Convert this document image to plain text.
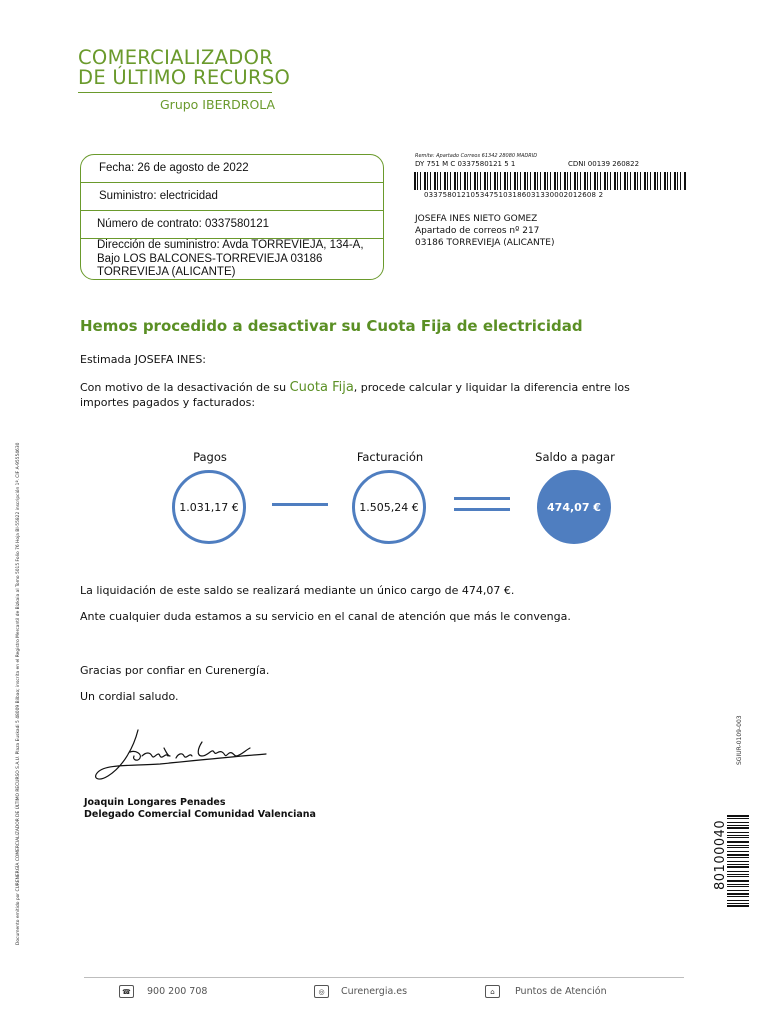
COMERCIALIZADOR
DE ÚLTIMO RECURSO
Grupo IBERDROLA
Fecha: 26 de agosto de 2022
Suministro: electricidad
Número de contrato: 0337580121
Dirección de suministro: Avda TORREVIEJA, 134-A, Bajo LOS BALCONES-TORREVIEJA 03186 TORREVIEJA (ALICANTE)
Remite: Apartado Correos 61342 28080 MADRID
DY 751 M C 0337580121 5 1	CDNI 00139 260822
0337580121053475103186031330002012608 2
JOSEFA INES NIETO GOMEZ
Apartado de correos nº 217
03186 TORREVIEJA (ALICANTE)
Hemos procedido a desactivar su Cuota Fija de electricidad
Estimada JOSEFA INES:
Con motivo de la desactivación de su Cuota Fija, procede calcular y liquidar la diferencia entre los
importes pagados y facturados:
Pagos
1.031,17 €
Facturación
1.505,24 €
Saldo a pagar
474,07 €
La liquidación de este saldo se realizará mediante un único cargo de 474,07 €.
Ante cualquier duda estamos a su servicio en el canal de atención que más le convenga.
Gracias por confiar en Curenergía.
Un cordial saludo.
Joaquin Longares Penades
Delegado Comercial Comunidad Valenciana
Documento emitido por CURENERGÍA COMERCIALIZADOR DE ÚLTIMO RECURSO S.A.U. Plaza Euskadi 5 48009 Bilbao; inscrita en el Registro Mercantil de Bizkaia al Tomo 5015 Folio 76 Hoja BI-55822 inscripción 1ª. CIF A-95554630	SGIUR-0109-003
80100040
☎	900 200 708	◎	Curenergia.es	⌂	Puntos de Atención
